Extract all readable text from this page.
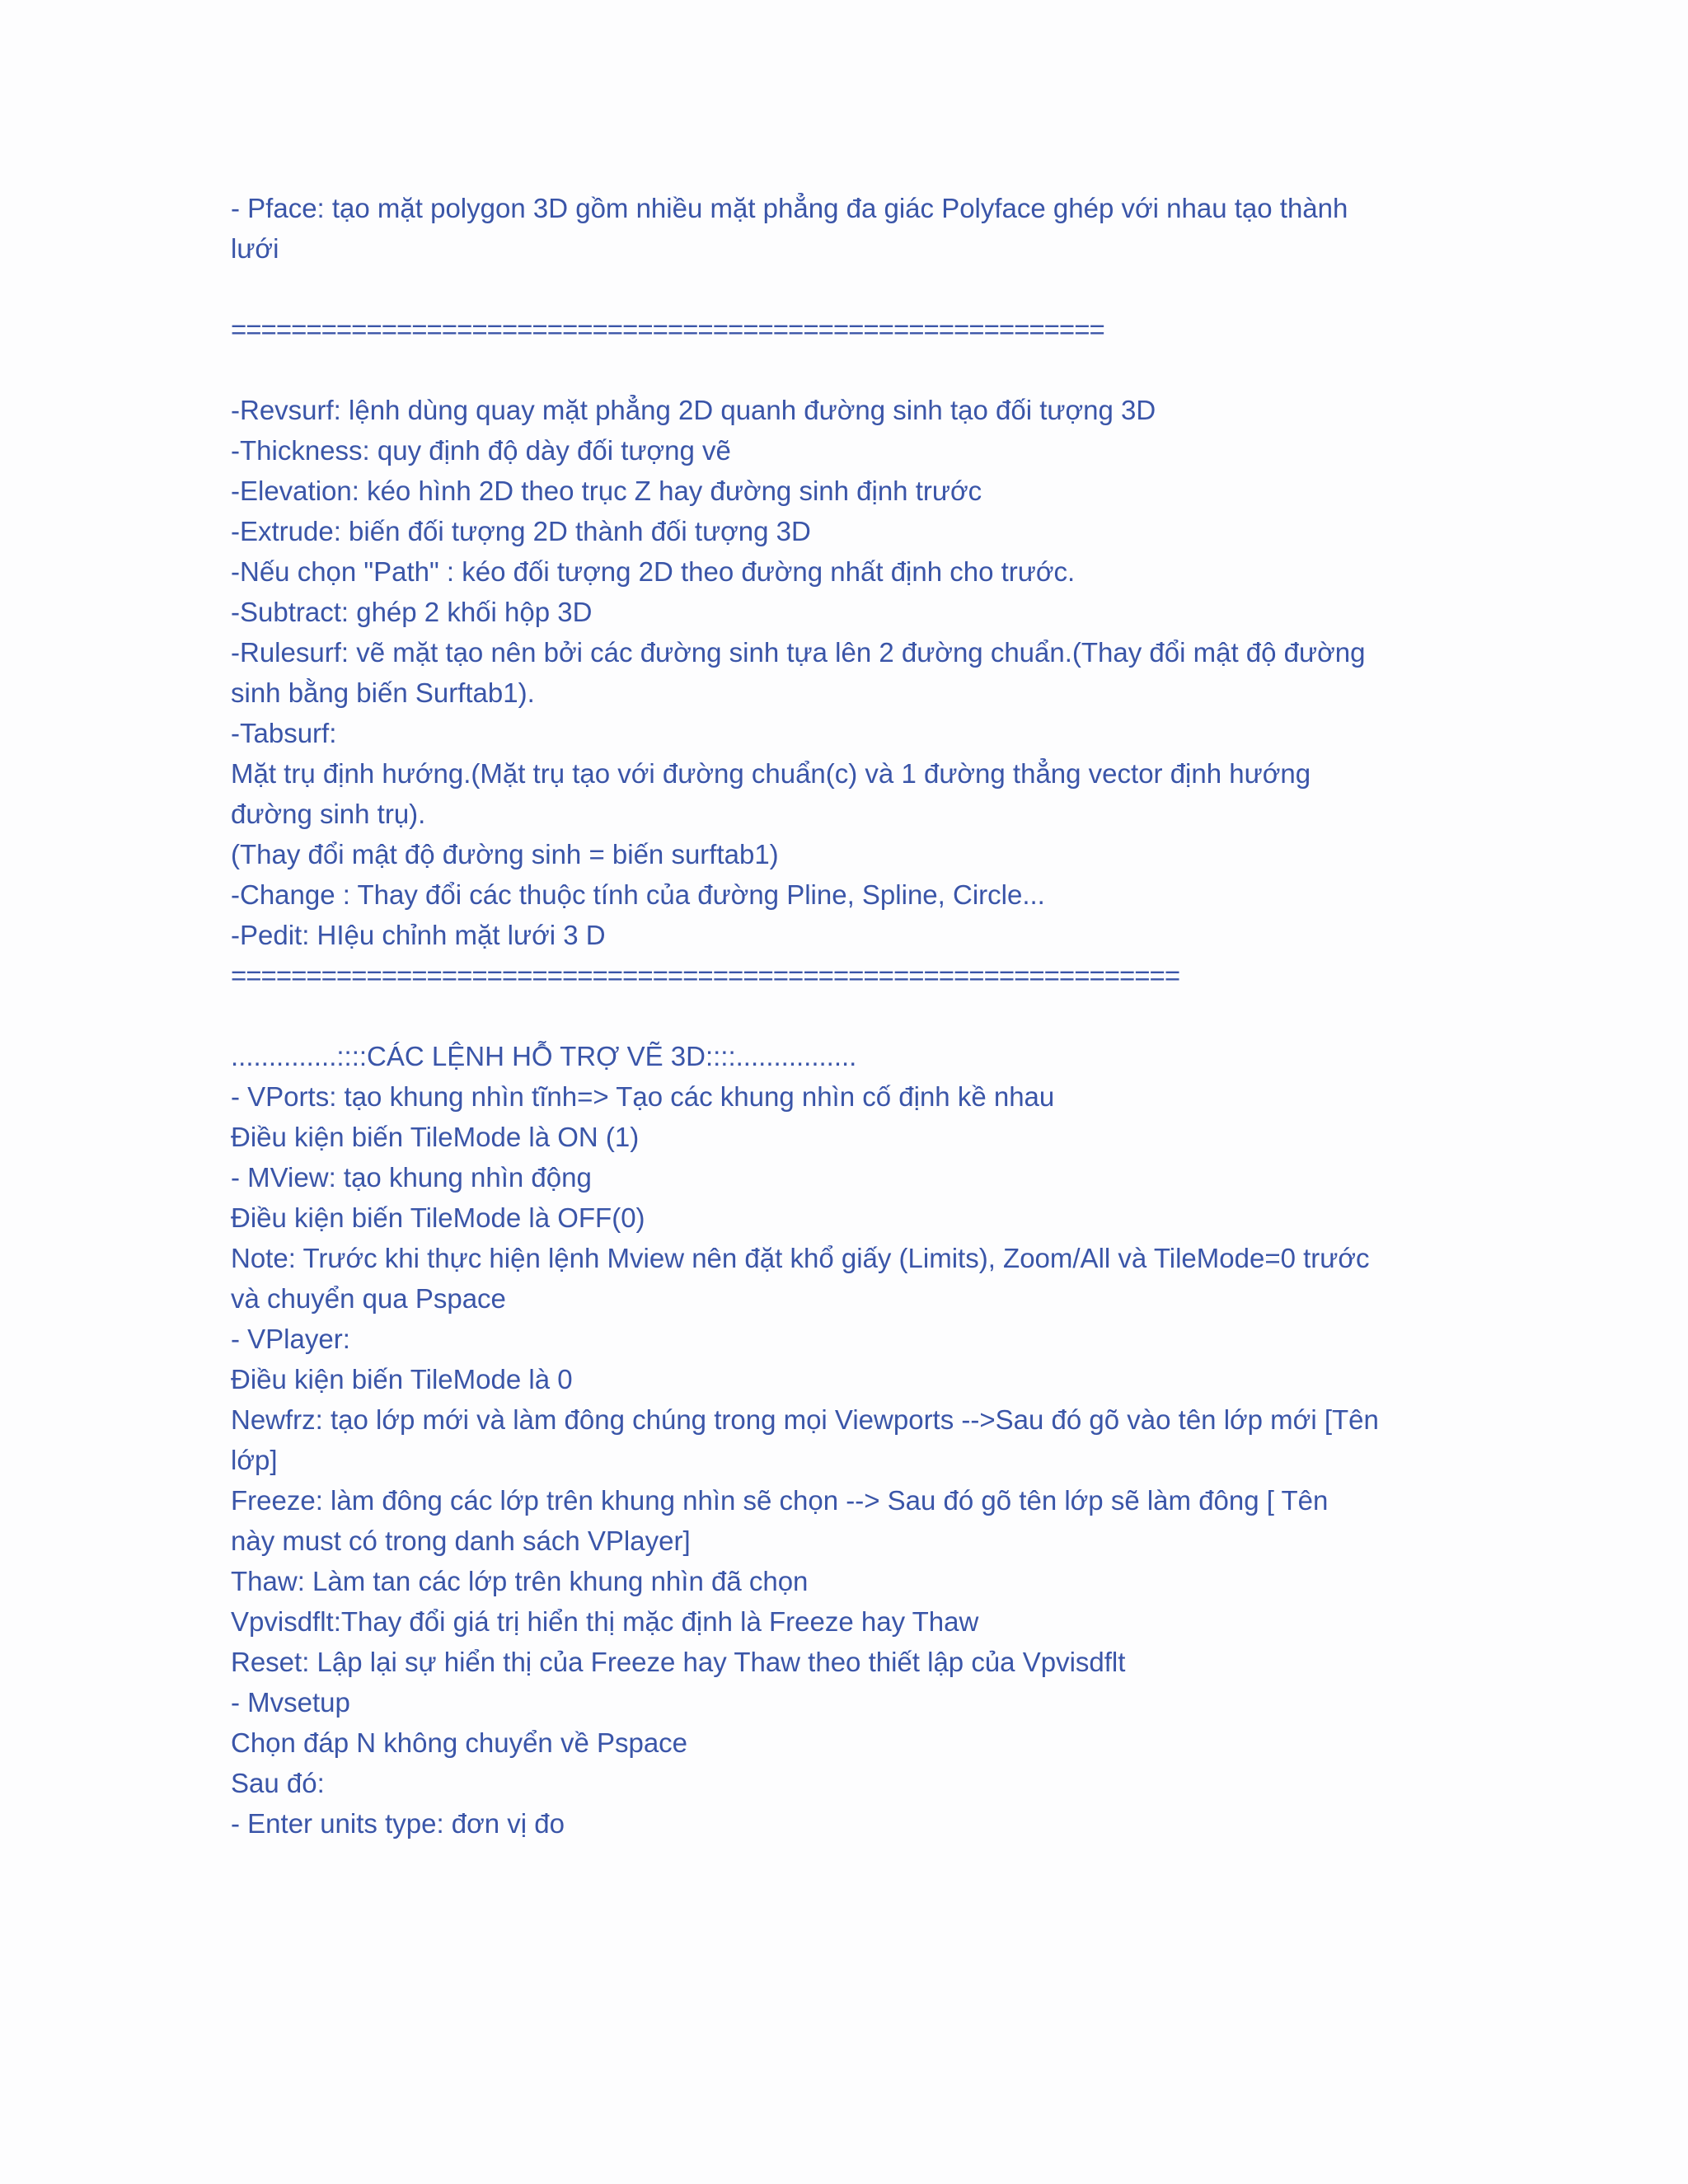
- Pface: tạo mặt polygon 3D gồm nhiều mặt phẳng đa giác Polyface ghép với nhau tạo thành
lưới
==========================================================
-Revsurf: lệnh dùng quay mặt phẳng 2D quanh đường sinh tạo đối tượng 3D
-Thickness: quy định độ dày đối tượng vẽ
-Elevation: kéo hình 2D theo trục Z hay đường sinh định trước
-Extrude: biến đối tượng 2D thành đối tượng 3D
-Nếu chọn "Path" : kéo đối tượng 2D theo đường nhất định cho trước.
-Subtract: ghép 2 khối hộp 3D
-Rulesurf: vẽ mặt tạo nên bởi các đường sinh tựa lên 2 đường chuẩn.(Thay đổi mật độ đường
sinh bằng biến Surftab1).
-Tabsurf:
Mặt trụ định hướng.(Mặt trụ tạo với đường chuẩn(c) và 1 đường thẳng vector định hướng
đường sinh trụ).
(Thay đổi mật độ đường sinh = biến surftab1)
-Change : Thay đổi các thuộc tính của đường Pline, Spline, Circle...
-Pedit: HIệu chỉnh mặt lưới 3 D
===============================================================
..............::::CÁC LỆNH HỖ TRỢ VẼ 3D::::................
- VPorts: tạo khung nhìn tĩnh=> Tạo các khung nhìn cố định kề nhau
Điều kiện biến TileMode là ON (1)
- MView: tạo khung nhìn động
Điều kiện biến TileMode là OFF(0)
Note: Trước khi thực hiện lệnh Mview nên đặt khổ giấy (Limits), Zoom/All và TileMode=0 trước
và chuyển qua Pspace
- VPlayer:
Điều kiện biến TileMode là 0
Newfrz: tạo lớp mới và làm đông chúng trong mọi Viewports -->Sau đó gõ vào tên lớp mới [Tên
lớp]
Freeze: làm đông các lớp trên khung nhìn sẽ chọn --> Sau đó gõ tên lớp sẽ làm đông [ Tên
này must có trong danh sách VPlayer]
Thaw: Làm tan các lớp trên khung nhìn đã chọn
Vpvisdflt:Thay đổi giá trị hiển thị mặc định là Freeze hay Thaw
Reset: Lập lại sự hiển thị của Freeze hay Thaw theo thiết lập của Vpvisdflt
- Mvsetup
Chọn đáp N không chuyển về Pspace
Sau đó:
- Enter units type: đơn vị đo
